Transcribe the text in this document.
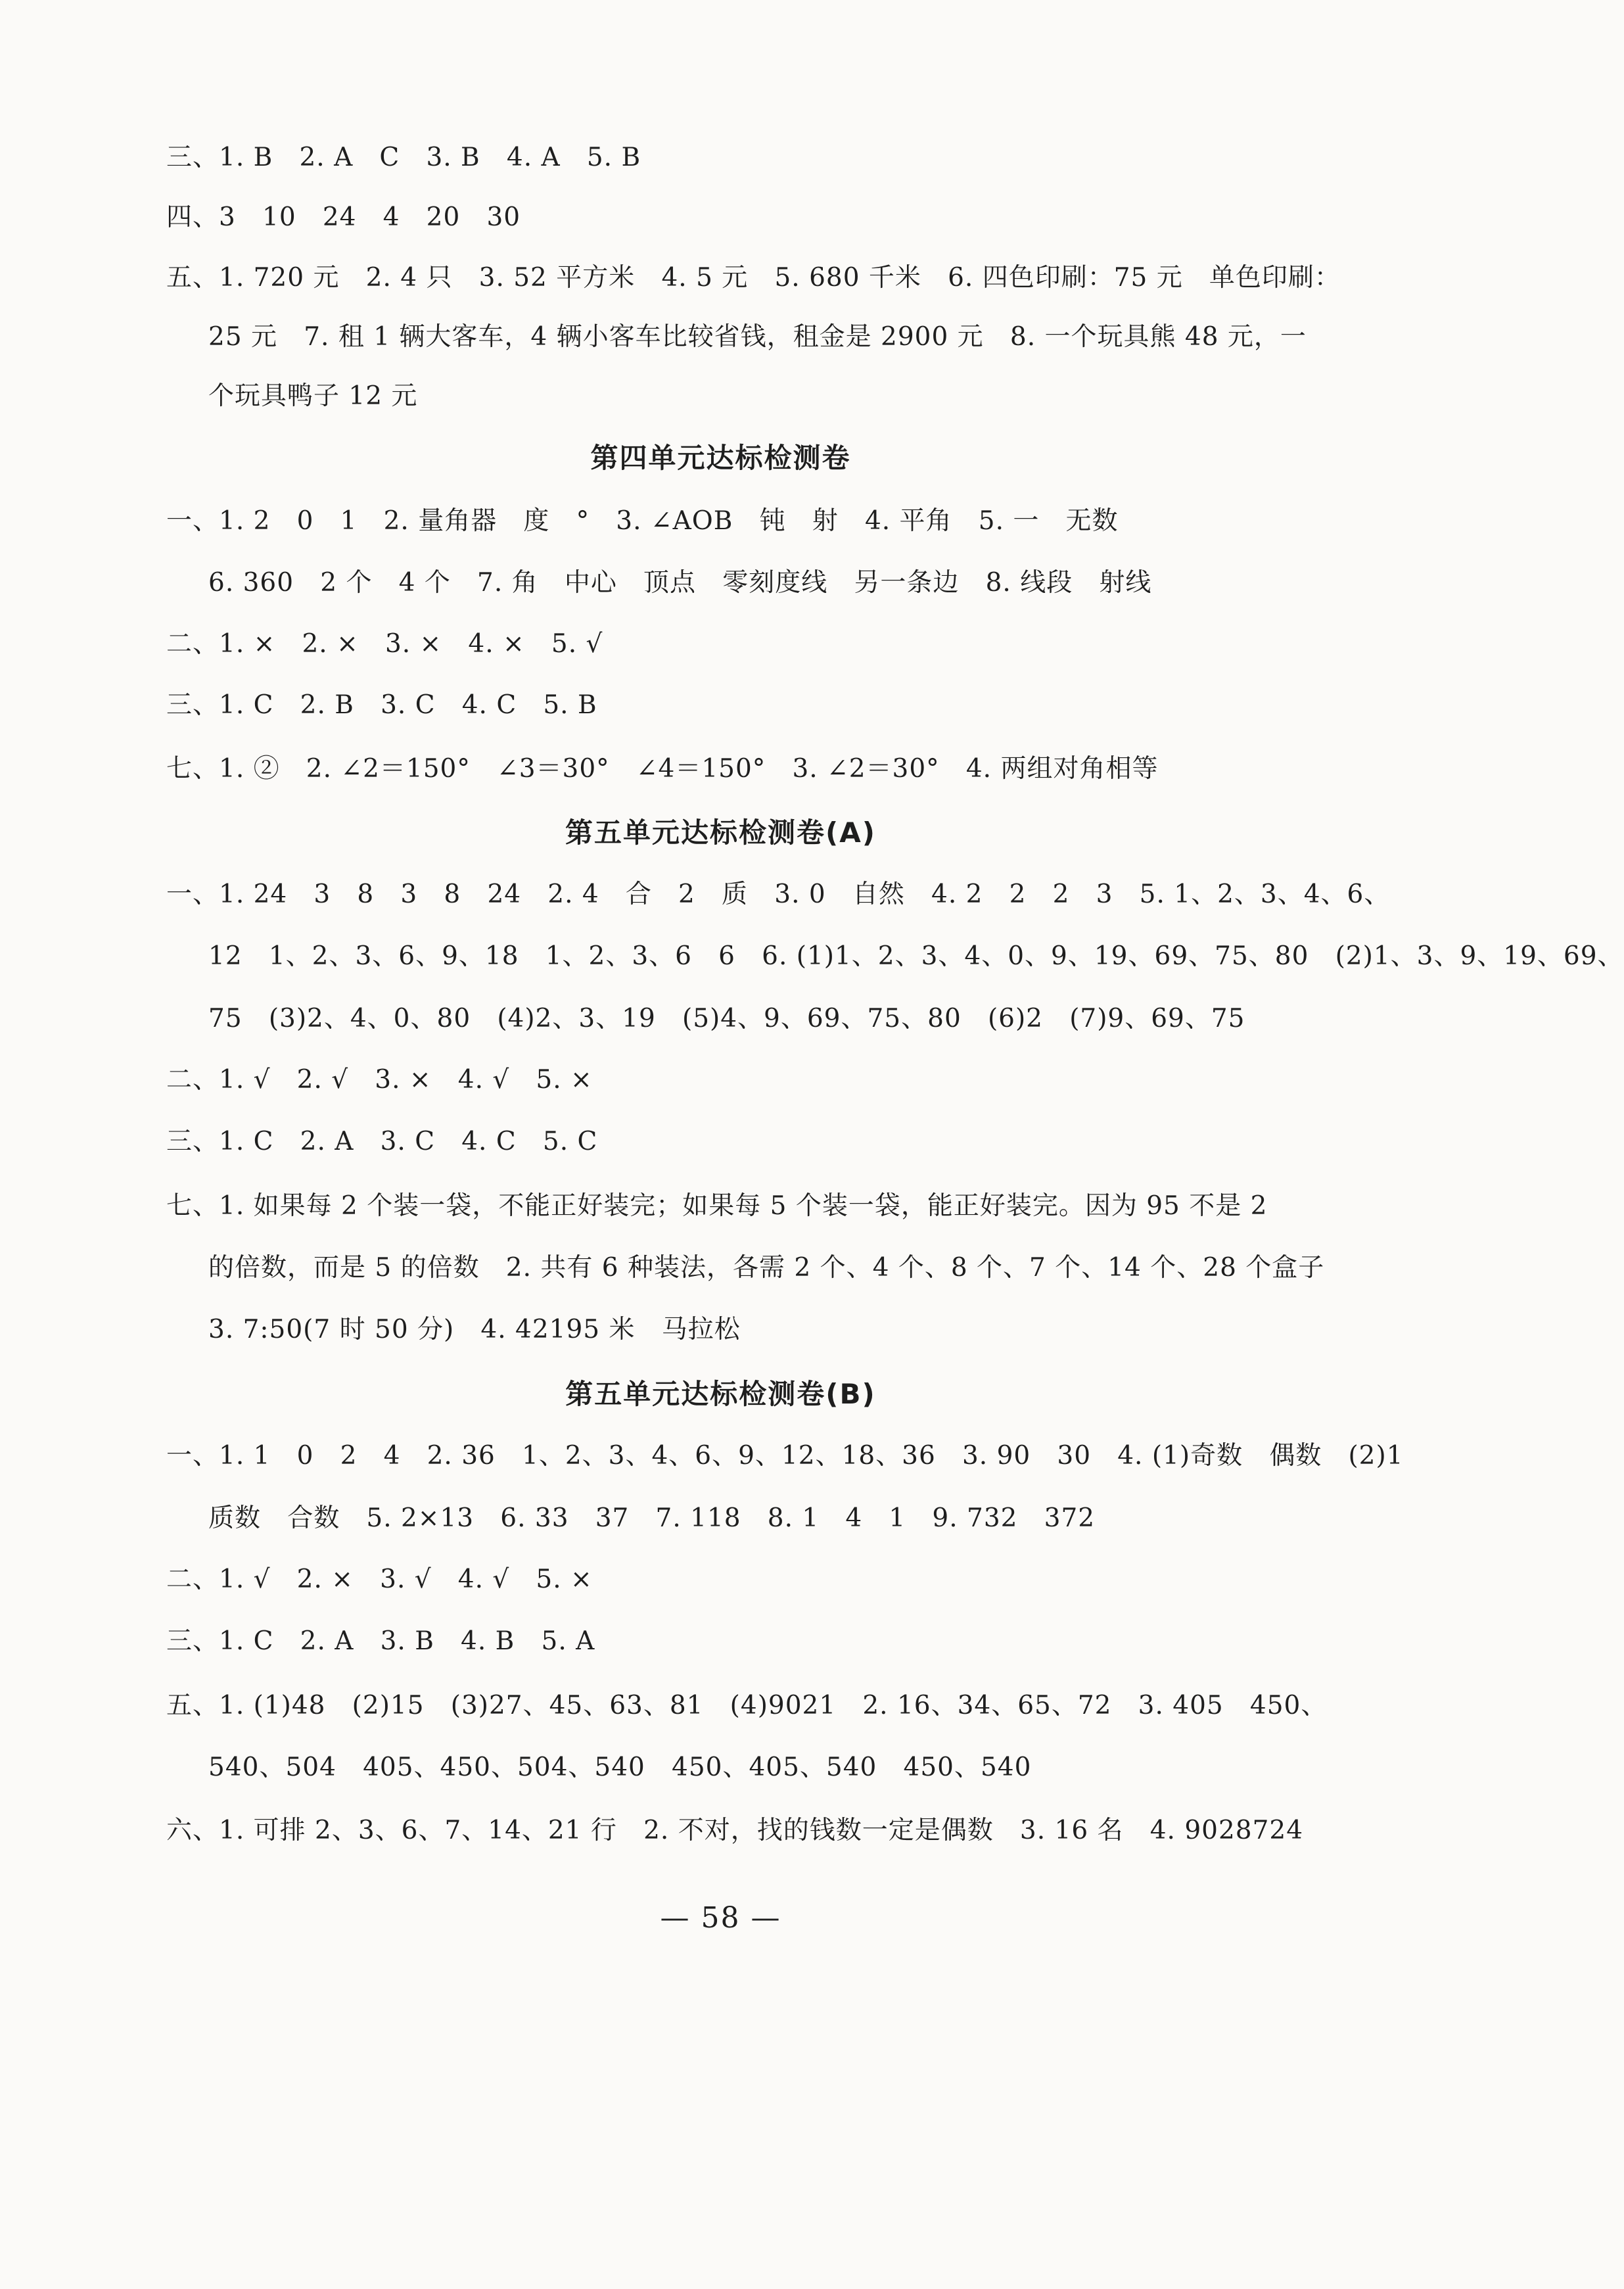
三、1. B   2. A   C   3. B   4. A   5. B
四、3   10   24   4   20   30
五、1. 720 元   2. 4 只   3. 52 平方米   4. 5 元   5. 680 千米   6. 四色印刷：75 元   单色印刷：
25 元   7. 租 1 辆大客车，4 辆小客车比较省钱，租金是 2900 元   8. 一个玩具熊 48 元，一
个玩具鸭子 12 元
第四单元达标检测卷
一、1. 2   0   1   2. 量角器   度   °   3. ∠AOB   钝   射   4. 平角   5. 一   无数
6. 360   2 个   4 个   7. 角   中心   顶点   零刻度线   另一条边   8. 线段   射线
二、1. ×   2. ×   3. ×   4. ×   5. √
三、1. C   2. B   3. C   4. C   5. B
七、1. ②   2. ∠2＝150°   ∠3＝30°   ∠4＝150°   3. ∠2＝30°   4. 两组对角相等
第五单元达标检测卷(A)
一、1. 24   3   8   3   8   24   2. 4   合   2   质   3. 0   自然   4. 2   2   2   3   5. 1、2、3、4、6、
12   1、2、3、6、9、18   1、2、3、6   6   6. (1)1、2、3、4、0、9、19、69、75、80   (2)1、3、9、19、69、
75   (3)2、4、0、80   (4)2、3、19   (5)4、9、69、75、80   (6)2   (7)9、69、75
二、1. √   2. √   3. ×   4. √   5. ×
三、1. C   2. A   3. C   4. C   5. C
七、1. 如果每 2 个装一袋，不能正好装完；如果每 5 个装一袋，能正好装完。因为 95 不是 2
的倍数，而是 5 的倍数   2. 共有 6 种装法，各需 2 个、4 个、8 个、7 个、14 个、28 个盒子
3. 7:50(7 时 50 分)   4. 42195 米   马拉松
第五单元达标检测卷(B)
一、1. 1   0   2   4   2. 36   1、2、3、4、6、9、12、18、36   3. 90   30   4. (1)奇数   偶数   (2)1
质数   合数   5. 2×13   6. 33   37   7. 118   8. 1   4   1   9. 732   372
二、1. √   2. ×   3. √   4. √   5. ×
三、1. C   2. A   3. B   4. B   5. A
五、1. (1)48   (2)15   (3)27、45、63、81   (4)9021   2. 16、34、65、72   3. 405   450、
540、504   405、450、504、540   450、405、540   450、540
六、1. 可排 2、3、6、7、14、21 行   2. 不对，找的钱数一定是偶数   3. 16 名   4. 9028724
— 58 —
